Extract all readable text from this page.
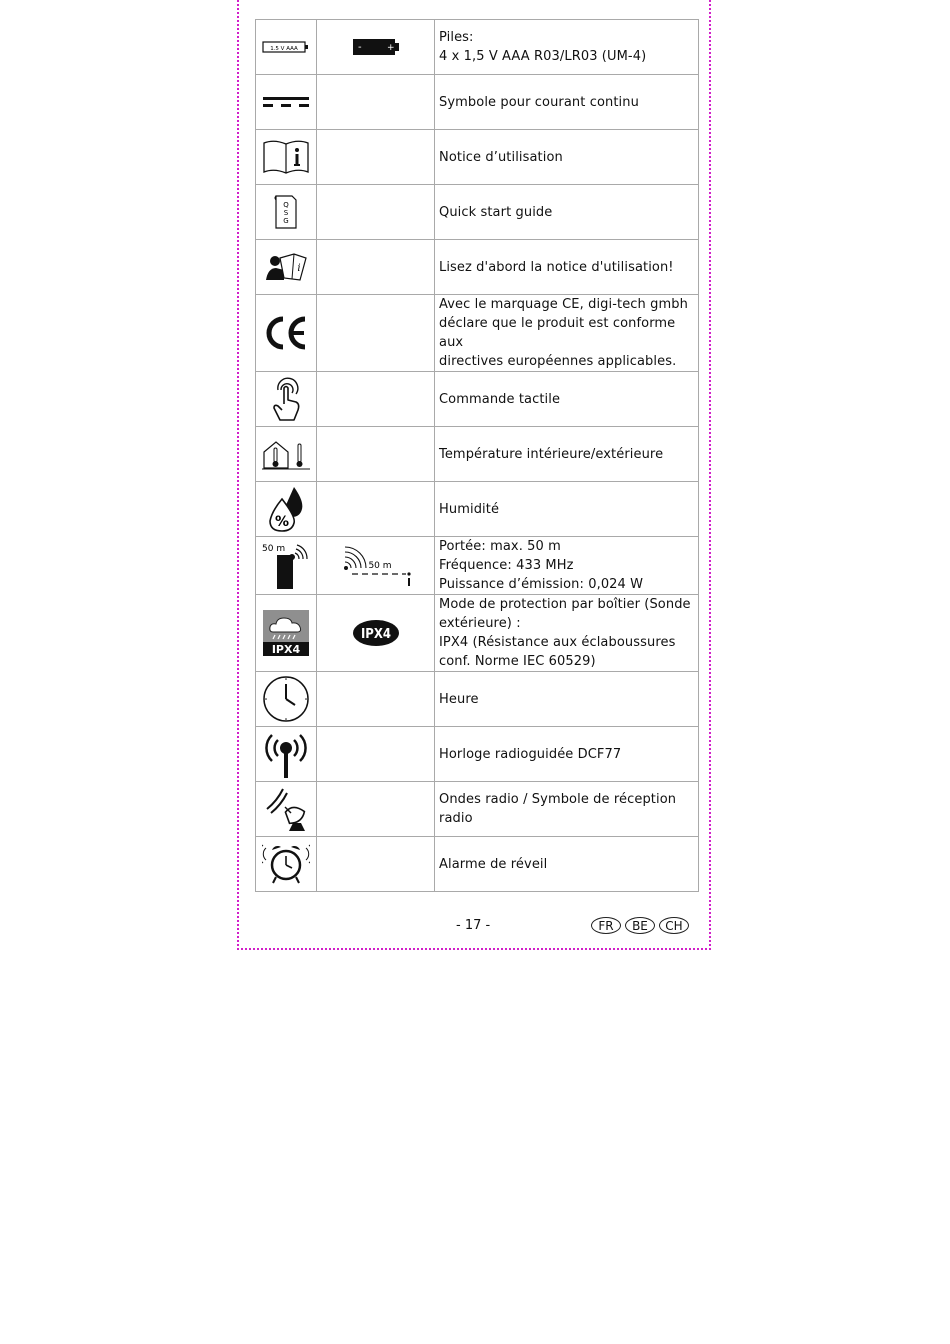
1.5 V AAA	- +	Piles:
4 x 1,5 V AAA R03/LR03 (UM-4)

Symbole pour courant continu

Notice d’utilisation

Q
S
G		Quick start guide

i		Lisez d'abord la notice d'utilisation!

Avec le marquage CE, digi-tech gmbh
déclare que le produit est conforme aux
directives européennes applicables.

Commande tactile

Température intérieure/extérieure

%		Humidité

50 m	50 m	Portée: max. 50 m
Fréquence: 433 MHz
Puissance d’émission: 0,024 W

IPX4	IPX4	Mode de protection par boîtier (Sonde
extérieure) :
IPX4 (Résistance aux éclaboussures
conf. Norme IEC 60529)

Heure

Horloge radioguidée DCF77

Ondes radio / Symbole de réception
radio

Alarme de réveil
- 17 -	FR	BE	CH
